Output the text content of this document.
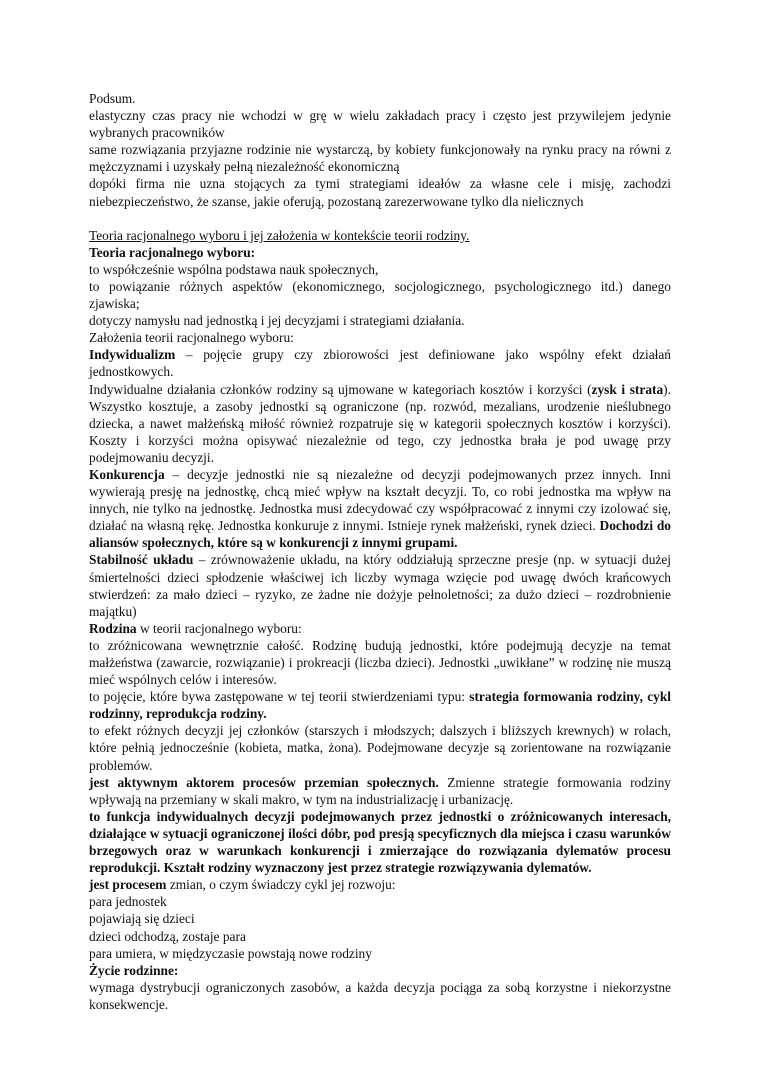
Podsum.

elastyczny czas pracy nie wchodzi w grę w wielu zakładach pracy i często jest przywilejem jedynie wybranych pracowników

same rozwiązania przyjazne rodzinie nie wystarczą, by kobiety funkcjonowały na rynku pracy na równi z mężczyznami i uzyskały pełną niezależność ekonomiczną

dopóki firma nie uzna stojących za tymi strategiami ideałów za własne cele i misję, zachodzi niebezpieczeństwo, że szanse, jakie oferują, pozostaną zarezerwowane tylko dla nielicznych

Teoria racjonalnego wyboru i jej założenia w kontekście teorii rodziny.

Teoria racjonalnego wyboru:

to współcześnie wspólna podstawa nauk społecznych,

to powiązanie różnych aspektów (ekonomicznego, socjologicznego, psychologicznego itd.) danego zjawiska;

dotyczy namysłu nad jednostką i jej decyzjami i strategiami działania.

Założenia teorii racjonalnego wyboru:

Indywidualizm – pojęcie grupy czy zbiorowości jest definiowane jako wspólny efekt działań jednostkowych.

Indywidualne działania członków rodziny są ujmowane w kategoriach kosztów i korzyści (zysk i strata). Wszystko kosztuje, a zasoby jednostki są ograniczone (np. rozwód, mezalians, urodzenie nieślubnego dziecka, a nawet małżeńską miłość również rozpatruje się w kategorii społecznych kosztów i korzyści). Koszty i korzyści można opisywać niezależnie od tego, czy jednostka brała je pod uwagę przy podejmowaniu decyzji.

Konkurencja – decyzje jednostki nie są niezależne od decyzji podejmowanych przez innych. Inni wywierają presję na jednostkę, chcą mieć wpływ na kształt decyzji. To, co robi jednostka ma wpływ na innych, nie tylko na jednostkę. Jednostka musi zdecydować czy współpracować z innymi czy izolować się, działać na własną rękę. Jednostka konkuruje z innymi. Istnieje rynek małżeński, rynek dzieci. Dochodzi do aliansów społecznych, które są w konkurencji z innymi grupami.

Stabilność układu – zrównoważenie układu, na który oddziałują sprzeczne presje (np. w sytuacji dużej śmiertelności dzieci spłodzenie właściwej ich liczby wymaga wzięcie pod uwagę dwóch krańcowych stwierdzeń: za mało dzieci – ryzyko, ze żadne nie dożyje pełnoletności; za dużo dzieci – rozdrobnienie majątku)

Rodzina w teorii racjonalnego wyboru:

to zróżnicowana wewnętrznie całość. Rodzinę budują jednostki, które podejmują decyzje na temat małżeństwa (zawarcie, rozwiązanie) i prokreacji (liczba dzieci). Jednostki „uwikłane” w rodzinę nie muszą mieć wspólnych celów i interesów.

to pojęcie, które bywa zastępowane w tej teorii stwierdzeniami typu: strategia formowania rodziny, cykl rodzinny, reprodukcja rodziny.

to efekt różnych decyzji jej członków (starszych i młodszych; dalszych i bliższych krewnych) w rolach, które pełnią jednocześnie (kobieta, matka, żona). Podejmowane decyzje są zorientowane na rozwiązanie problemów.

jest aktywnym aktorem procesów przemian społecznych. Zmienne strategie formowania rodziny wpływają na przemiany w skali makro, w tym na industrializację i urbanizację.

to funkcja indywidualnych decyzji podejmowanych przez jednostki o zróżnicowanych interesach, działające w sytuacji ograniczonej ilości dóbr, pod presją specyficznych dla miejsca i czasu warunków brzegowych oraz w warunkach konkurencji i zmierzające do rozwiązania dylematów procesu reprodukcji. Kształt rodziny wyznaczony jest przez strategie rozwiązywania dylematów.

jest procesem zmian, o czym świadczy cykl jej rozwoju:

para jednostek

pojawiają się dzieci

dzieci odchodzą, zostaje para

para umiera, w międzyczasie powstają nowe rodziny

Życie rodzinne:

wymaga dystrybucji ograniczonych zasobów, a każda decyzja pociąga za sobą korzystne i niekorzystne konsekwencje.
